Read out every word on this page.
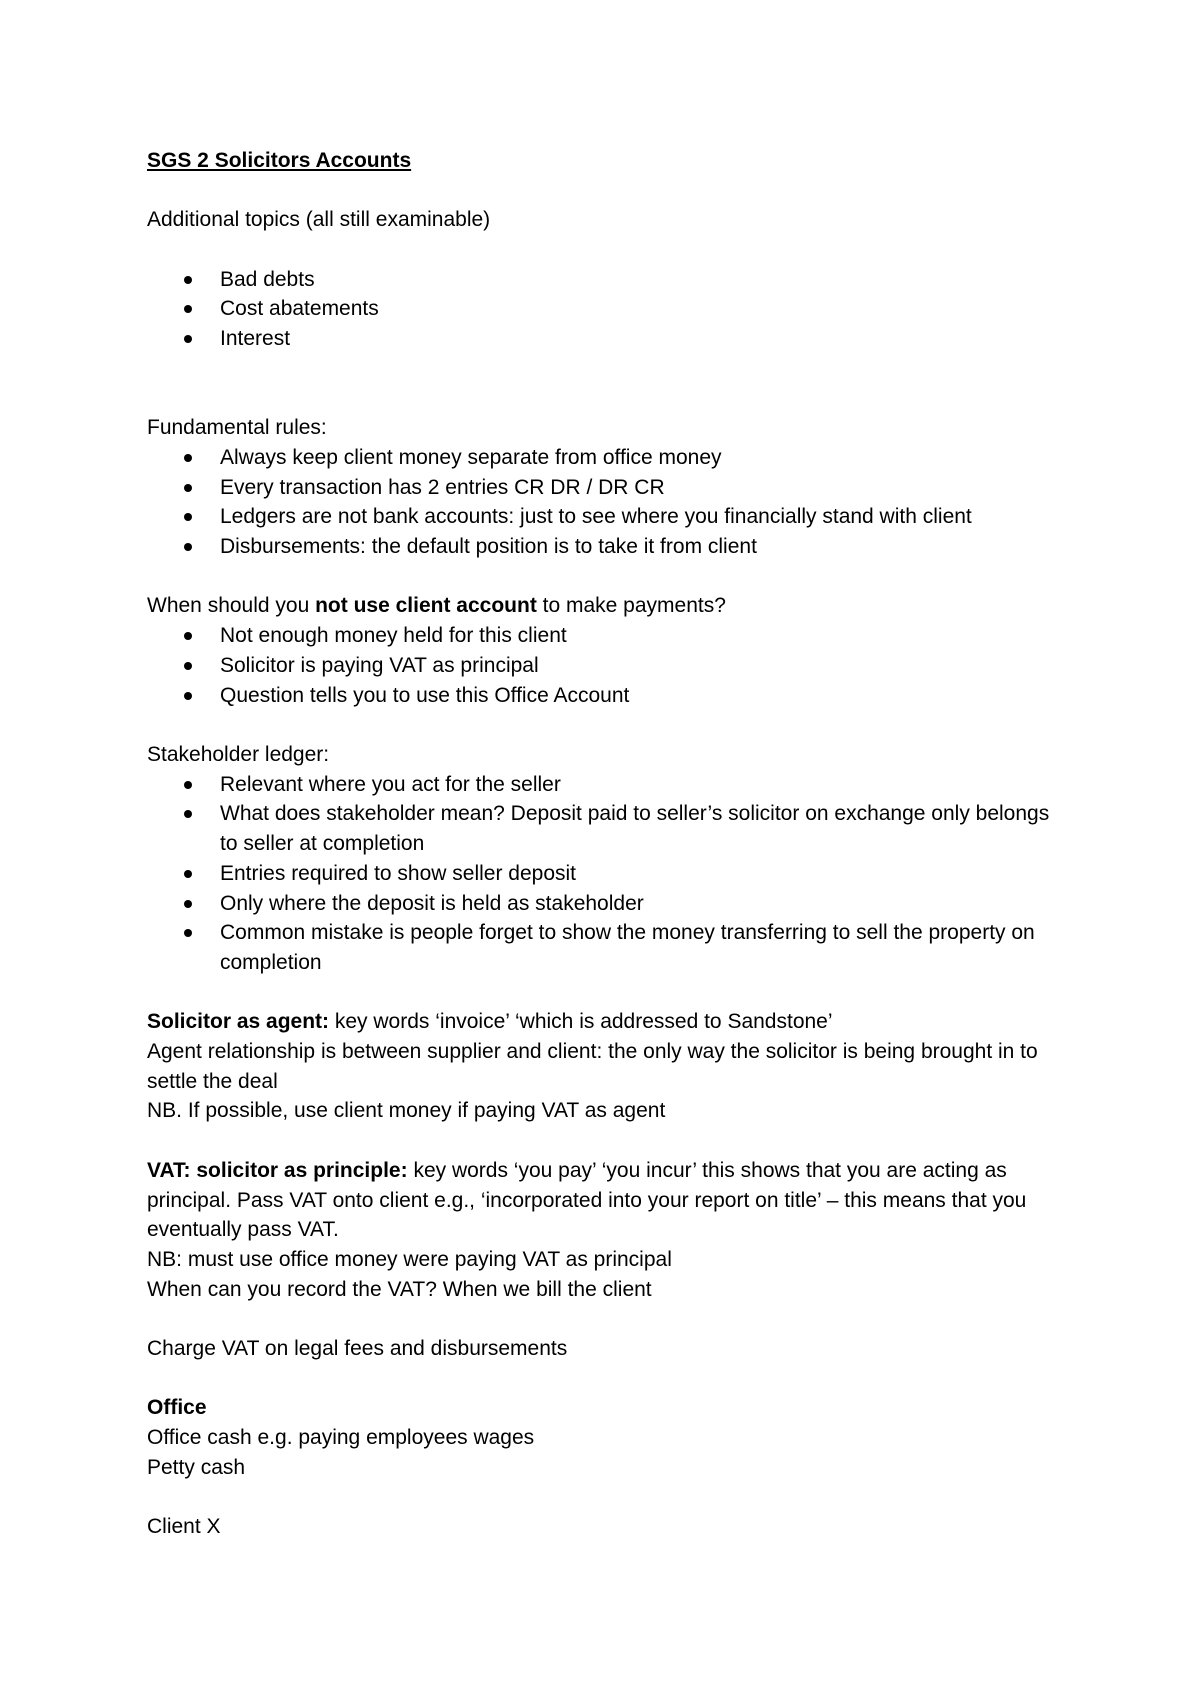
SGS 2 Solicitors Accounts
Additional topics (all still examinable)
Bad debts
Cost abatements
Interest
Fundamental rules:
Always keep client money separate from office money
Every transaction has 2 entries CR DR / DR CR
Ledgers are not bank accounts: just to see where you financially stand with client
Disbursements: the default position is to take it from client
When should you not use client account to make payments?
Not enough money held for this client
Solicitor is paying VAT as principal
Question tells you to use this Office Account
Stakeholder ledger:
Relevant where you act for the seller
What does stakeholder mean? Deposit paid to seller’s solicitor on exchange only belongs to seller at completion
Entries required to show seller deposit
Only where the deposit is held as stakeholder
Common mistake is people forget to show the money transferring to sell the property on completion
Solicitor as agent: key words ‘invoice’ ‘which is addressed to Sandstone’
Agent relationship is between supplier and client: the only way the solicitor is being brought in to settle the deal
NB. If possible, use client money if paying VAT as agent
VAT: solicitor as principle: key words ‘you pay’ ‘you incur’ this shows that you are acting as principal. Pass VAT onto client e.g., ‘incorporated into your report on title’ – this means that you eventually pass VAT.
NB: must use office money were paying VAT as principal
When can you record the VAT? When we bill the client
Charge VAT on legal fees and disbursements
Office
Office cash e.g. paying employees wages
Petty cash
Client X
